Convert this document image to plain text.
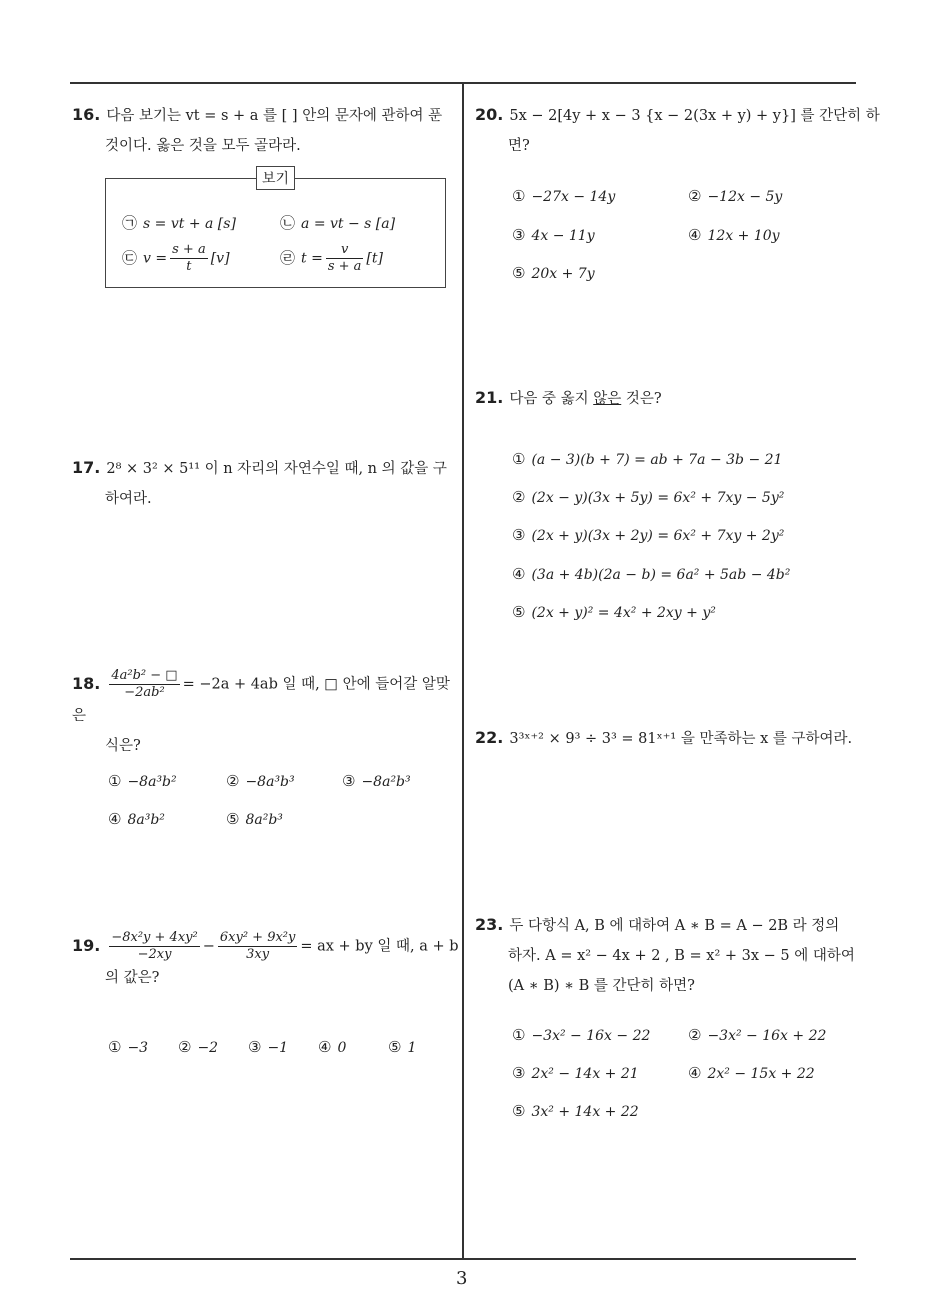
3
16. 다음 보기는 vt = s + a 를 [ ] 안의 문자에 관하여 푼
것이다. 옳은 것을 모두 골라라.
보기
㉠ s = vt + a [s]	㉡ a = vt − s [a]
㉢ $v = \frac{s + a}{t} [v]$	㉣ $t = \frac{v}{s + a} [t]$
17. 2⁸ × 3² × 5¹¹ 이 n 자리의 자연수일 때, n 의 값을 구
하여라.
18. $\frac{\text{4a²b² − □}}{\text{−2ab²}} = -2a + 4ab$ 일 때, □ 안에 들어갈 알맞은
식은?
① −8a³b²	② −8a³b³	③ −8a²b³
④ 8a³b²	⑤ 8a²b³
19. $\frac{\text{−8x²y + 4xy²}}{-2xy} - \frac{\text{6xy² + 9x²y}}{3xy}$ = ax + by 일 때, a + b
의 값은?
① −3 ② −2 ③ −1 ④ 0	⑤ 1
20. 5x − 2[4y + x − 3 {x − 2(3x + y) + y}] 를 간단히 하
면?
① −27x − 14y	② −12x − 5y
③ 4x − 11y	④ 12x + 10y
⑤ 20x + 7y
21. 다음 중 옳지 않은 것은?
① (a − 3)(b + 7) = ab + 7a − 3b − 21
② (2x − y)(3x + 5y) = 6x² + 7xy − 5y²
③ (2x + y)(3x + 2y) = 6x² + 7xy + 2y²
④ (3a + 4b)(2a − b) = 6a² + 5ab − 4b²
⑤ (2x + y)² = 4x² + 2xy + y²
22. 3³ˣ⁺² × 9³ ÷ 3³ = 81ˣ⁺¹ 을 만족하는 x 를 구하여라.
23. 두 다항식 A, B 에 대하여 A ∗ B = A − 2B 라 정의
하자. A = x² − 4x + 2 , B = x² + 3x − 5 에 대하여
(A ∗ B) ∗ B 를 간단히 하면?
① −3x² − 16x − 22	② −3x² − 16x + 22
③ 2x² − 14x + 21	④ 2x² − 15x + 22
⑤ 3x² + 14x + 22
